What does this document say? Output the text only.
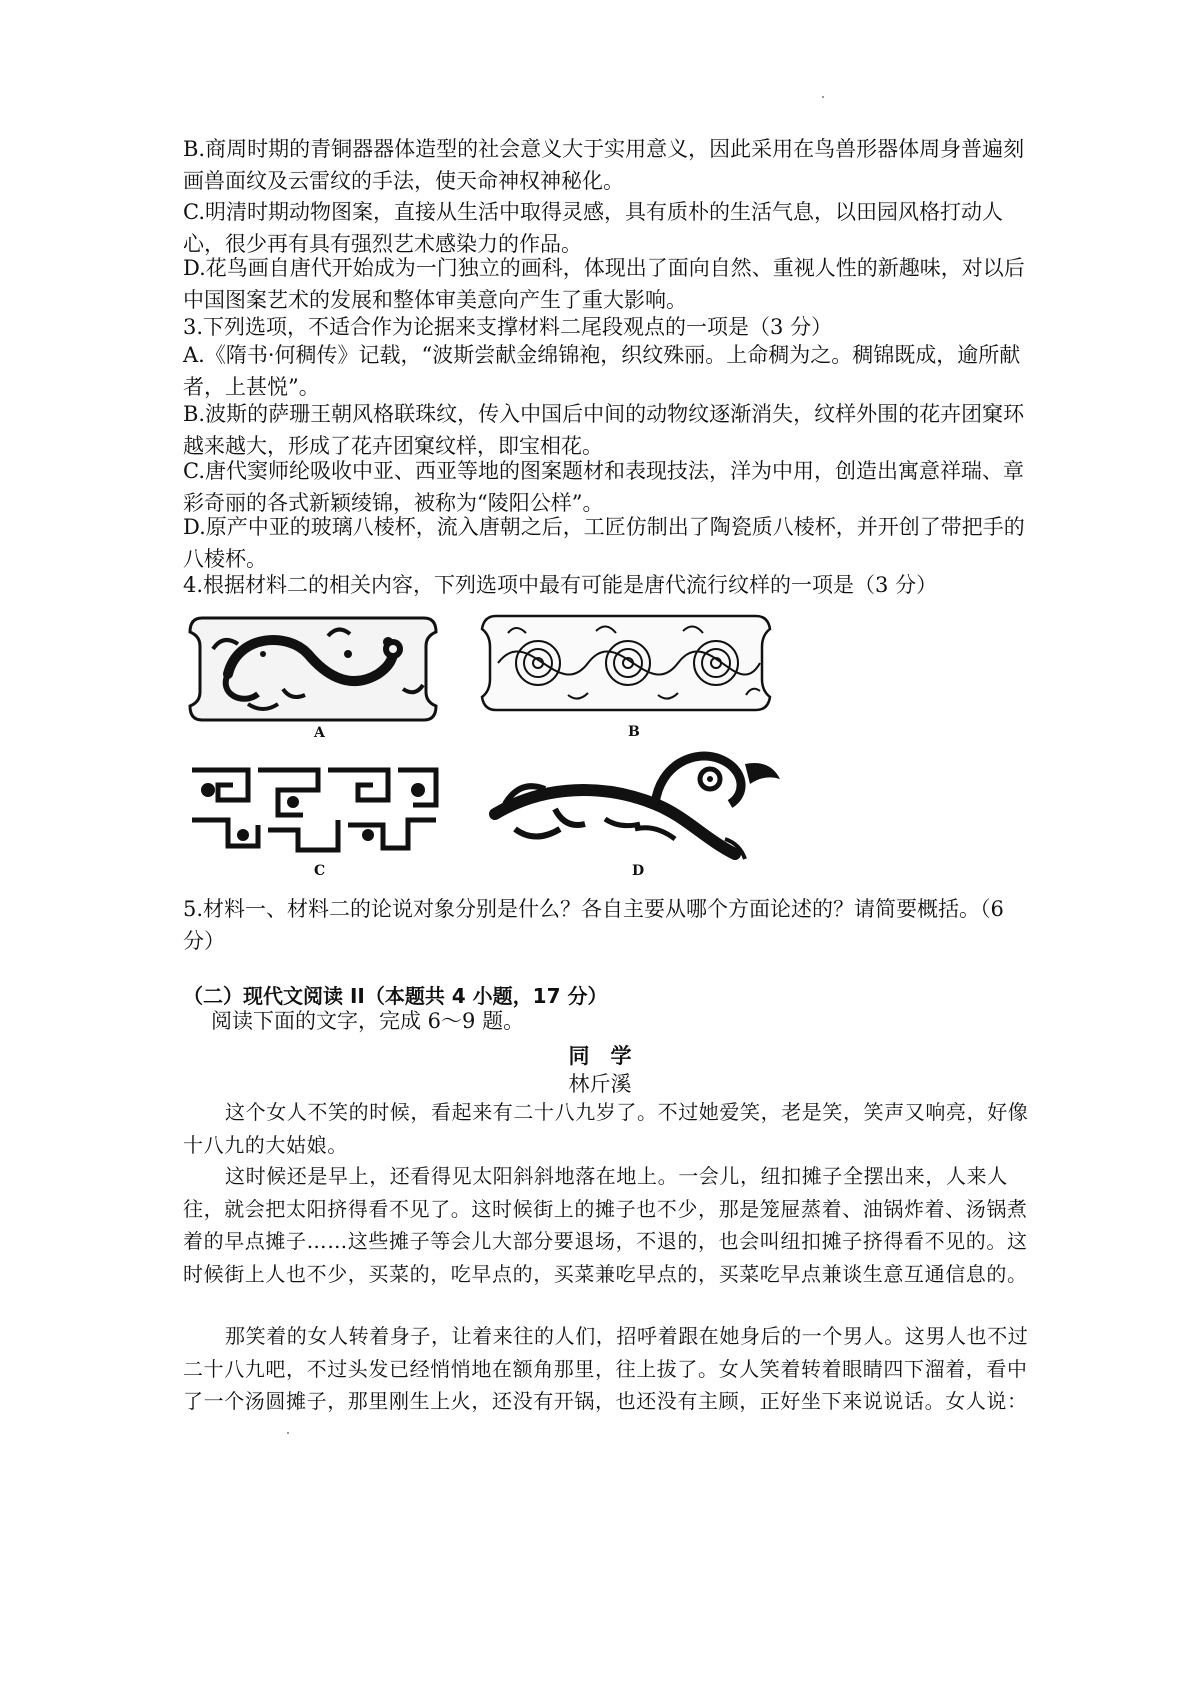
B.商周时期的青铜器器体造型的社会意义大于实用意义，因此采用在鸟兽形器体周身普遍刻画兽面纹及云雷纹的手法，使天命神权神秘化。

C.明清时期动物图案，直接从生活中取得灵感，具有质朴的生活气息，以田园风格打动人心，很少再有具有强烈艺术感染力的作品。

D.花鸟画自唐代开始成为一门独立的画科，体现出了面向自然、重视人性的新趣味，对以后中国图案艺术的发展和整体审美意向产生了重大影响。

3.下列选项，不适合作为论据来支撑材料二尾段观点的一项是（3 分）

A.《隋书·何稠传》记载，“波斯尝献金绵锦袍，织纹殊丽。上命稠为之。稠锦既成，逾所献者，上甚悦”。

B.波斯的萨珊王朝风格联珠纹，传入中国后中间的动物纹逐渐消失，纹样外围的花卉团窠环越来越大，形成了花卉团窠纹样，即宝相花。

C.唐代窦师纶吸收中亚、西亚等地的图案题材和表现技法，洋为中用，创造出寓意祥瑞、章彩奇丽的各式新颖绫锦，被称为“陵阳公样”。

D.原产中亚的玻璃八棱杯，流入唐朝之后，工匠仿制出了陶瓷质八棱杯，并开创了带把手的八棱杯。

4.根据材料二的相关内容，下列选项中最有可能是唐代流行纹样的一项是（3 分）

A	B
C	D

5.材料一、材料二的论说对象分别是什么？各自主要从哪个方面论述的？请简要概括。（6 分）

（二）现代文阅读 II（本题共 4 小题，17 分）

阅读下面的文字，完成 6～9 题。

同　学

林斤溪

这个女人不笑的时候，看起来有二十八九岁了。不过她爱笑，老是笑，笑声又响亮，好像十八九的大姑娘。

这时候还是早上，还看得见太阳斜斜地落在地上。一会儿，纽扣摊子全摆出来，人来人往，就会把太阳挤得看不见了。这时候街上的摊子也不少，那是笼屉蒸着、油锅炸着、汤锅煮着的早点摊子……这些摊子等会儿大部分要退场，不退的，也会叫纽扣摊子挤得看不见的。这时候街上人也不少，买菜的，吃早点的，买菜兼吃早点的，买菜吃早点兼谈生意互通信息的。

那笑着的女人转着身子，让着来往的人们，招呼着跟在她身后的一个男人。这男人也不过二十八九吧，不过头发已经悄悄地在额角那里，往上拔了。女人笑着转着眼睛四下溜着，看中了一个汤圆摊子，那里刚生上火，还没有开锅，也还没有主顾，正好坐下来说说话。女人说：
